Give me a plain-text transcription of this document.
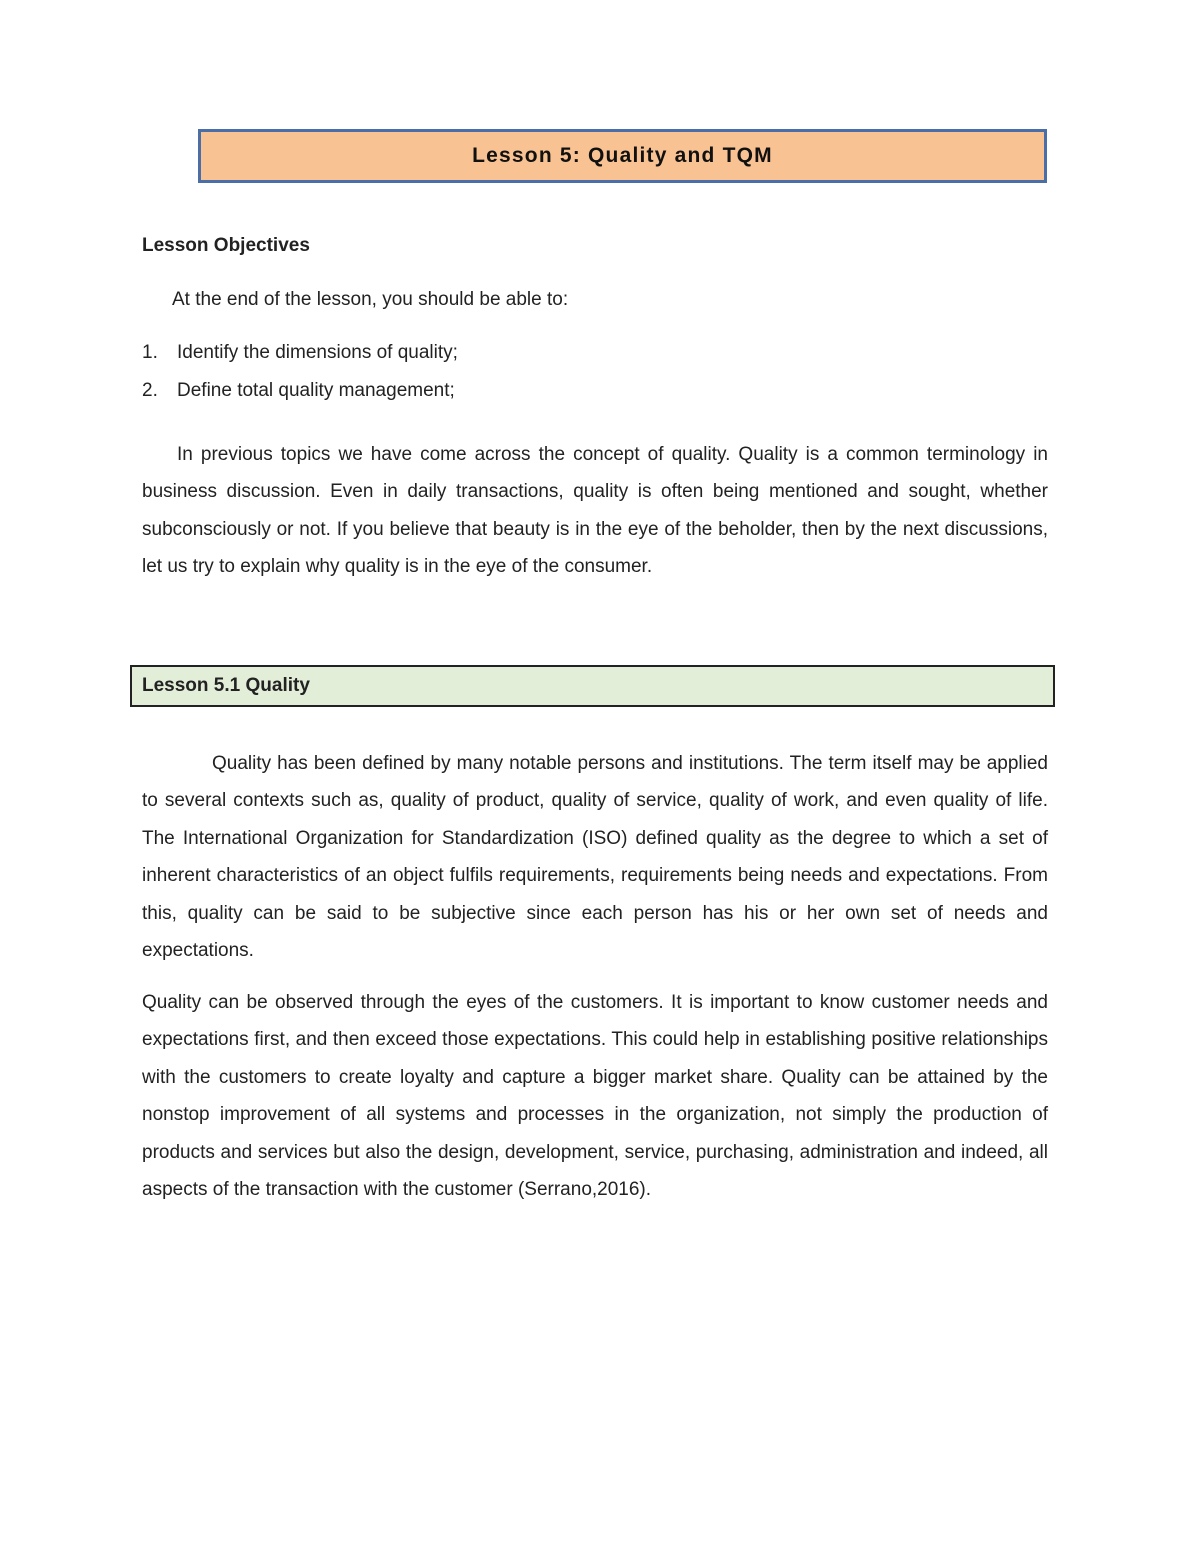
Lesson 5: Quality and TQM
Lesson Objectives
At the end of the lesson, you should be able to:
1.	Identify the dimensions of quality;
2.	Define total quality management;
In previous topics we have come across the concept of quality. Quality is a common terminology in business discussion. Even in daily transactions, quality is often being mentioned and sought, whether subconsciously or not. If you believe that beauty is in the eye of the beholder, then by the next discussions, let us try to explain why quality is in the eye of the consumer.
Lesson 5.1 Quality
Quality has been defined by many notable persons and institutions. The term itself may be applied to several contexts such as, quality of product, quality of service, quality of work, and even quality of life. The International Organization for Standardization (ISO) defined quality as the degree to which a set of inherent characteristics of an object fulfils requirements, requirements being needs and expectations. From this, quality can be said to be subjective since each person has his or her own set of needs and expectations.
Quality can be observed through the eyes of the customers. It is important to know customer needs and expectations first, and then exceed those expectations. This could help in establishing positive relationships with the customers to create loyalty and capture a bigger market share. Quality can be attained by the nonstop improvement of all systems and processes in the organization, not simply the production of products and services but also the design, development, service, purchasing, administration and indeed, all aspects of the transaction with the customer (Serrano,2016).
